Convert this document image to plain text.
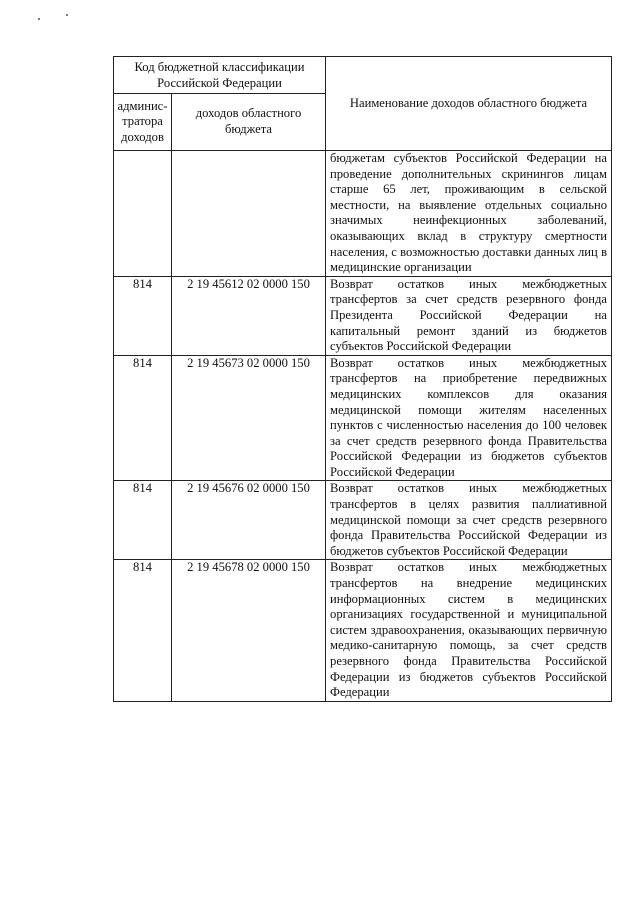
Код бюджетной классификации Российской Федерации		Наименование доходов областного бюджета
админис-тратора доходов	доходов областного бюджета	
		бюджетам субъектов Российской Федерации на проведение дополнительных скринингов лицам старше 65 лет, проживающим в сельской местности, на выявление отдельных социально значимых неинфекционных заболеваний, оказывающих вклад в структуру смертности населения, с возможностью доставки данных лиц в медицинские организации
814	2 19 45612 02 0000 150	Возврат остатков иных межбюджетных трансфертов за счет средств резервного фонда Президента Российской Федерации на капитальный ремонт зданий из бюджетов субъектов Российской Федерации
814	2 19 45673 02 0000 150	Возврат остатков иных межбюджетных трансфертов на приобретение передвижных медицинских комплексов для оказания медицинской помощи жителям населенных пунктов с численностью населения до 100 человек за счет средств резервного фонда Правительства Российской Федерации из бюджетов субъектов Российской Федерации
814	2 19 45676 02 0000 150	Возврат остатков иных межбюджетных трансфертов в целях развития паллиативной медицинской помощи за счет средств резервного фонда Правительства Российской Федерации из бюджетов субъектов Российской Федерации
814	2 19 45678 02 0000 150	Возврат остатков иных межбюджетных трансфертов на внедрение медицинских информационных систем в медицинских организациях государственной и муниципальной систем здравоохранения, оказывающих первичную медико-санитарную помощь, за счет средств резервного фонда Правительства Российской Федерации из бюджетов субъектов Российской Федерации
